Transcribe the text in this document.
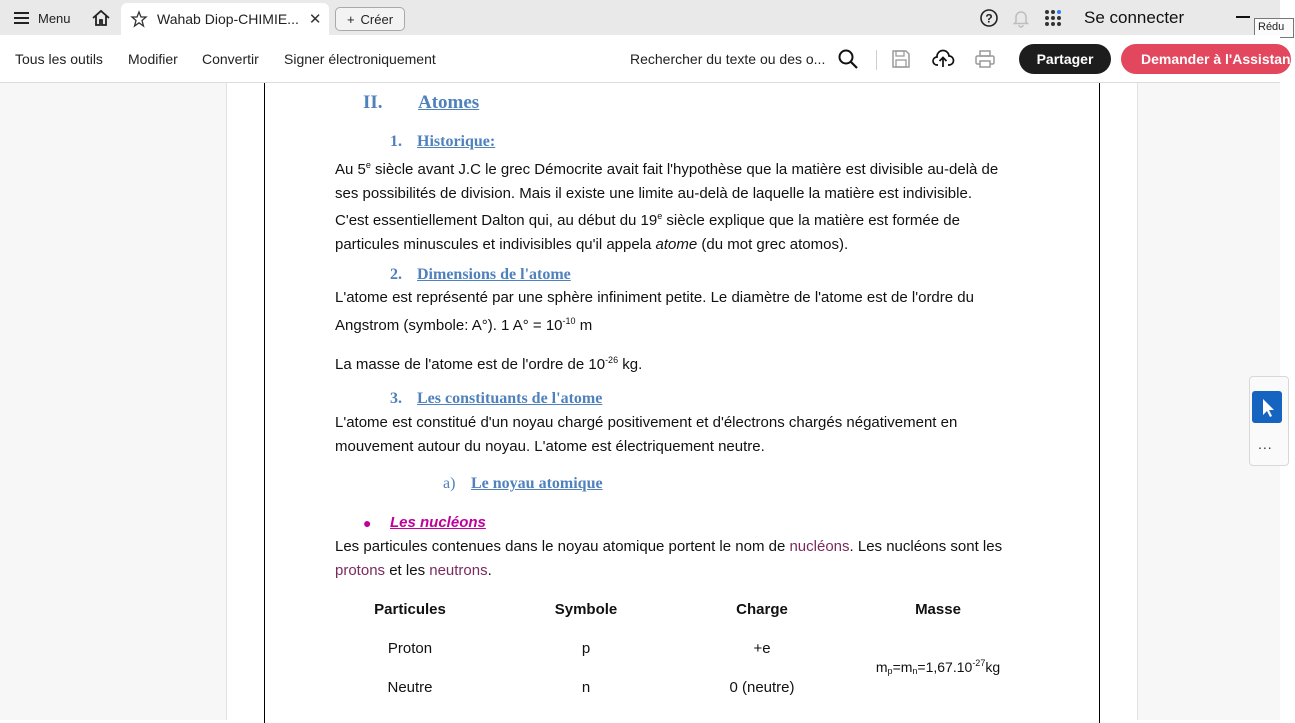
Menu	Wahab Diop-CHIMIE... ✕ + Créer	?	Se connecter	Rédu
Tous les outils Modifier Convertir Signer électroniquement	Rechercher du texte ou des o...	Partager	Demander à l'Assistant
II. Atomes
1. Historique:
Au 5e siècle avant J.C le grec Démocrite avait fait l'hypothèse que la matière est divisible au-delà de
ses possibilités de division. Mais il existe une limite au-delà de laquelle la matière est indivisible.
C'est essentiellement Dalton qui, au début du 19e siècle explique que la matière est formée de
particules minuscules et indivisibles qu'il appela atome (du mot grec atomos).
2. Dimensions de l'atome
L'atome est représenté par une sphère infiniment petite. Le diamètre de l'atome est de l'ordre du
Angstrom (symbole: A°). 1 $A^\circ = 10^{-10}$ m
La masse de l'atome est de l'ordre de $10^{-26}$ kg.
3. Les constituants de l'atome
L'atome est constitué d'un noyau chargé positivement et d'électrons chargés négativement en
mouvement autour du noyau. L'atome est électriquement neutre.
a) Le noyau atomique
● Les nucléons
Les particules contenues dans le noyau atomique portent le nom de nucléons. Les nucléons sont les
protons et les neutrons.
Particules	Symbole	Charge	Masse
Proton	p	+e
Neutre	n	0 (neutre)
$m_p=m_n=1,67.10^{-27}kg$
...
